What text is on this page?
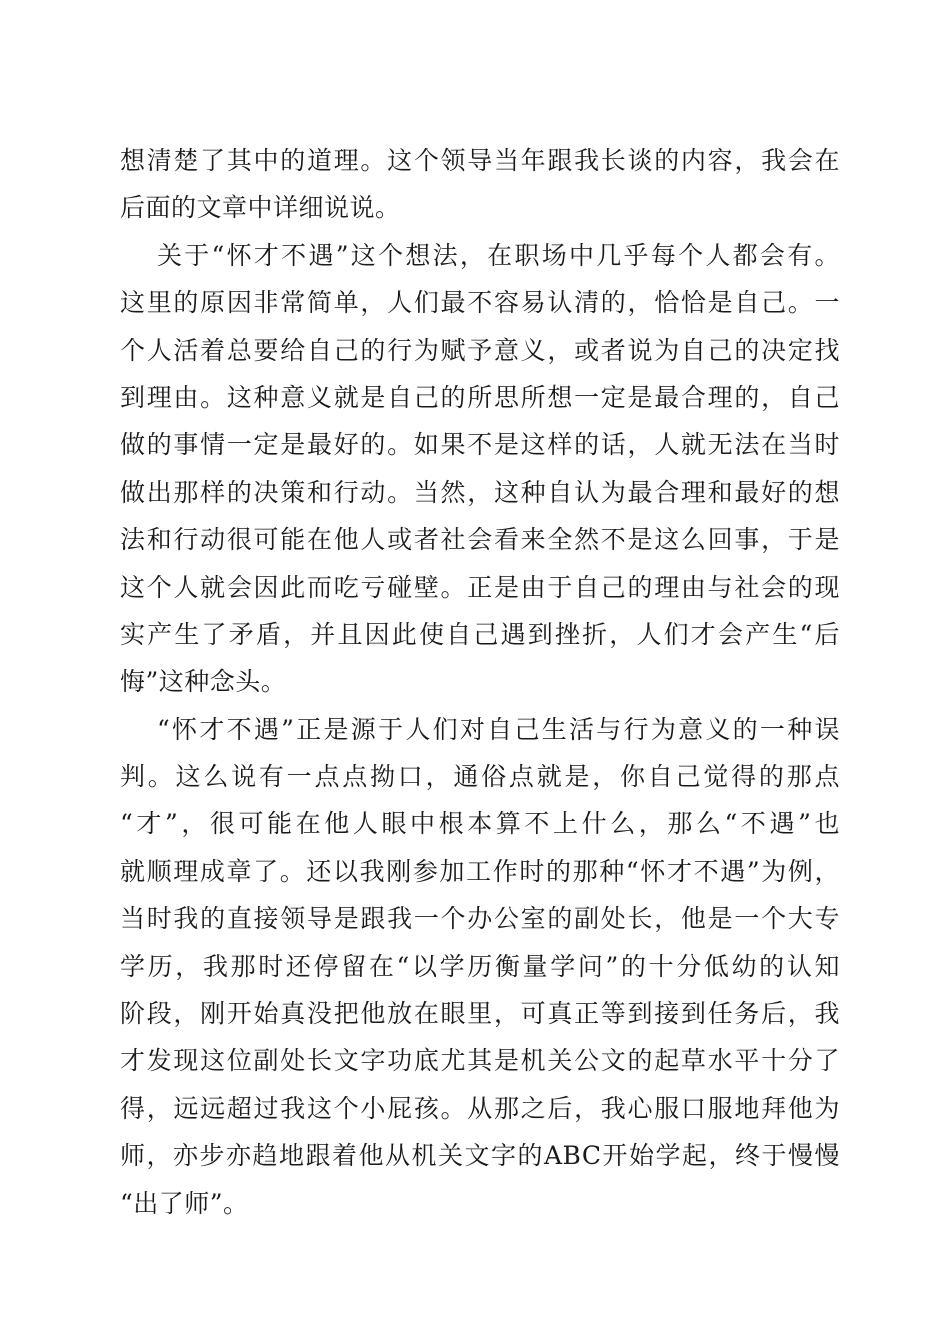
想清楚了其中的道理。这个领导当年跟我长谈的内容，我会在
后面的文章中详细说说。
关于“怀才不遇”这个想法，在职场中几乎每个人都会有。
这里的原因非常简单，人们最不容易认清的，恰恰是自己。一
个人活着总要给自己的行为赋予意义，或者说为自己的决定找
到理由。这种意义就是自己的所思所想一定是最合理的，自己
做的事情一定是最好的。如果不是这样的话，人就无法在当时
做出那样的决策和行动。当然，这种自认为最合理和最好的想
法和行动很可能在他人或者社会看来全然不是这么回事，于是
这个人就会因此而吃亏碰壁。正是由于自己的理由与社会的现
实产生了矛盾，并且因此使自己遇到挫折，人们才会产生“后
悔”这种念头。
“怀才不遇”正是源于人们对自己生活与行为意义的一种误
判。这么说有一点点拗口，通俗点就是，你自己觉得的那点
“才”，很可能在他人眼中根本算不上什么，那么“不遇”也
就顺理成章了。还以我刚参加工作时的那种“怀才不遇”为例，
当时我的直接领导是跟我一个办公室的副处长，他是一个大专
学历，我那时还停留在“以学历衡量学问”的十分低幼的认知
阶段，刚开始真没把他放在眼里，可真正等到接到任务后，我
才发现这位副处长文字功底尤其是机关公文的起草水平十分了
得，远远超过我这个小屁孩。从那之后，我心服口服地拜他为
师，亦步亦趋地跟着他从机关文字的ABC开始学起，终于慢慢
“出了师”。
